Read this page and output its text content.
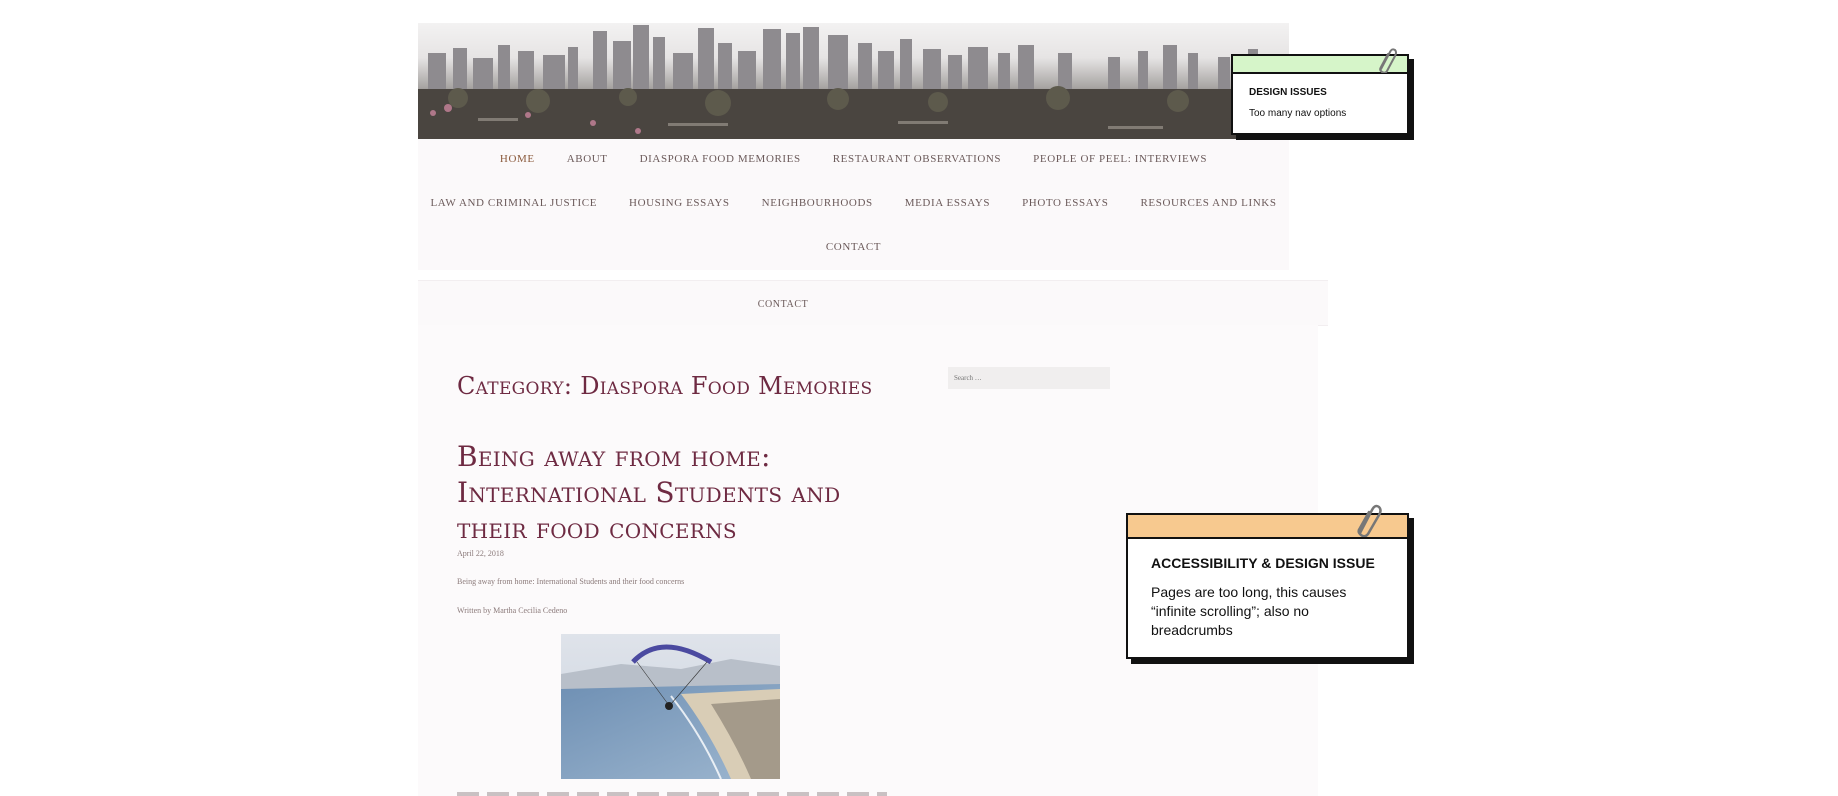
HOME	ABOUT	DIASPORA FOOD MEMORIES	RESTAURANT OBSERVATIONS	PEOPLE OF PEEL: INTERVIEWS
LAW AND CRIMINAL JUSTICE	HOUSING ESSAYS	NEIGHBOURHOODS	MEDIA ESSAYS	PHOTO ESSAYS	RESOURCES AND LINKS
CONTACT
CONTACT
Category: Diaspora Food Memories
Search …
Being away from home: International Students and their food concerns
April 22, 2018
Being away from home: International Students and their food concerns
Written by Martha Cecilia Cedeno
DESIGN ISSUES
Too many nav options
ACCESSIBILITY & DESIGN ISSUE
Pages are too long, this causes “infinite scrolling”; also no breadcrumbs
